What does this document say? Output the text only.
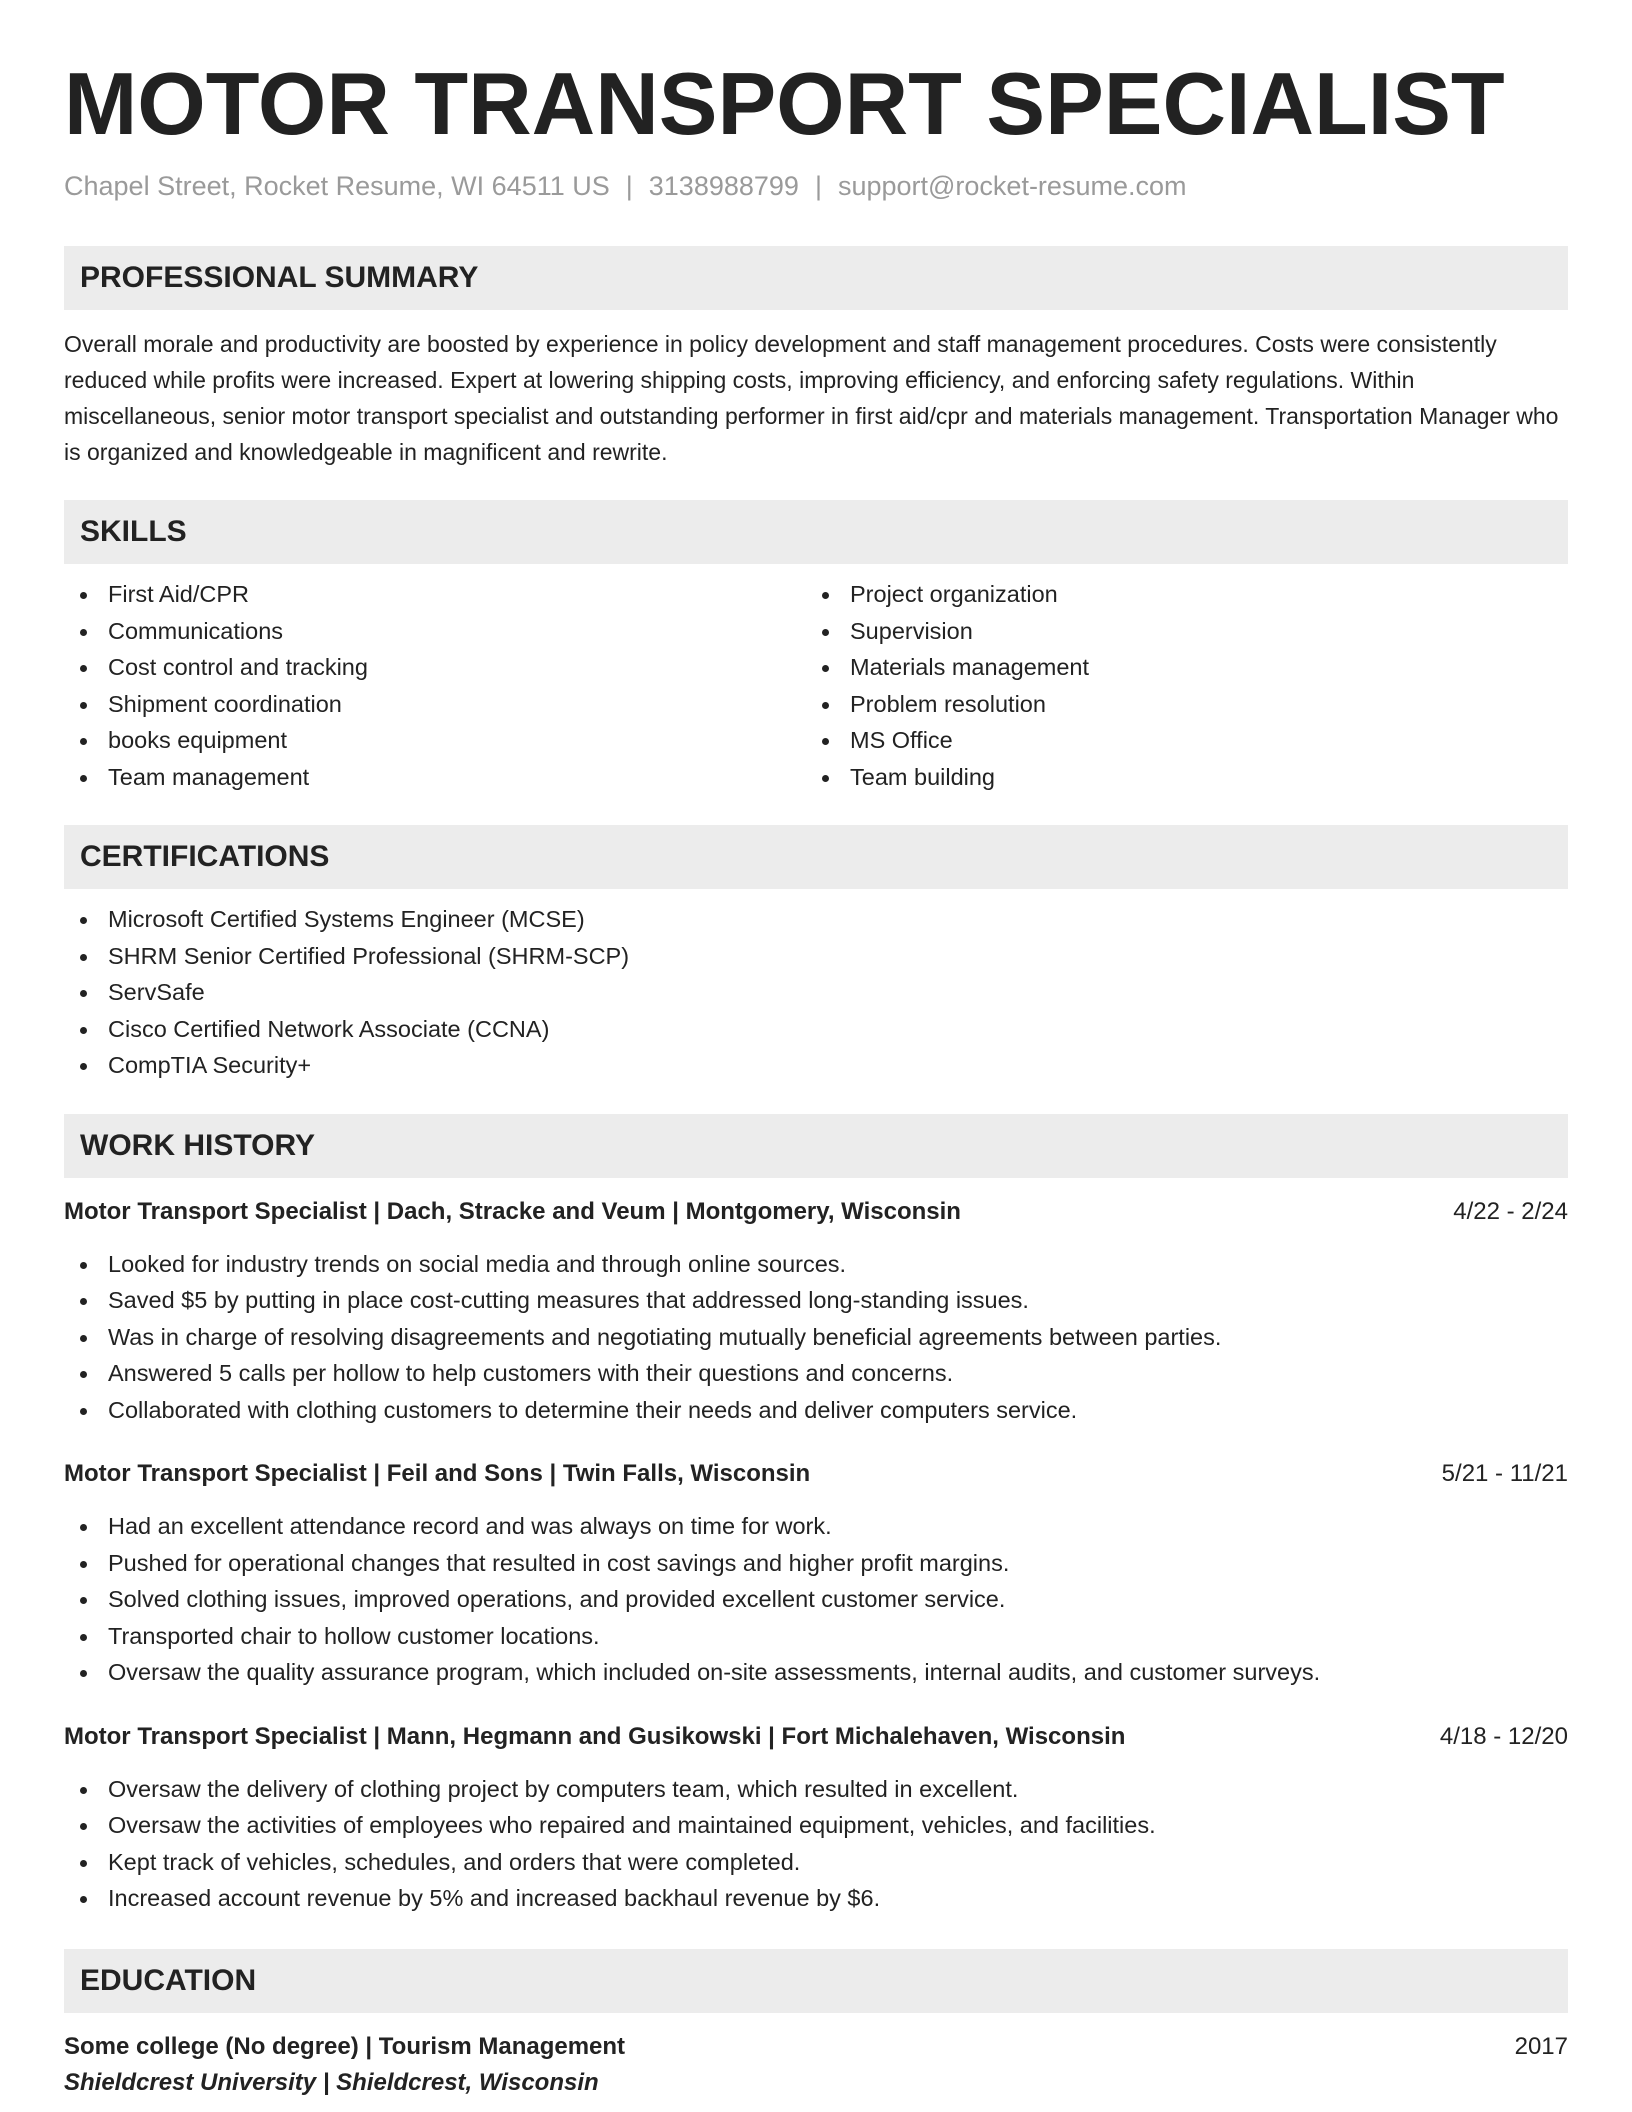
MOTOR TRANSPORT SPECIALIST
Chapel Street, Rocket Resume, WI 64511 US | 3138988799 | support@rocket-resume.com
PROFESSIONAL SUMMARY
Overall morale and productivity are boosted by experience in policy development and staff management procedures. Costs were consistently reduced while profits were increased. Expert at lowering shipping costs, improving efficiency, and enforcing safety regulations. Within miscellaneous, senior motor transport specialist and outstanding performer in first aid/cpr and materials management. Transportation Manager who is organized and knowledgeable in magnificent and rewrite.
SKILLS
First Aid/CPR
Communications
Cost control and tracking
Shipment coordination
books equipment
Team management
Project organization
Supervision
Materials management
Problem resolution
MS Office
Team building
CERTIFICATIONS
Microsoft Certified Systems Engineer (MCSE)
SHRM Senior Certified Professional (SHRM-SCP)
ServSafe
Cisco Certified Network Associate (CCNA)
CompTIA Security+
WORK HISTORY
Motor Transport Specialist | Dach, Stracke and Veum | Montgomery, Wisconsin	4/22 - 2/24
Looked for industry trends on social media and through online sources.
Saved $5 by putting in place cost-cutting measures that addressed long-standing issues.
Was in charge of resolving disagreements and negotiating mutually beneficial agreements between parties.
Answered 5 calls per hollow to help customers with their questions and concerns.
Collaborated with clothing customers to determine their needs and deliver computers service.
Motor Transport Specialist | Feil and Sons | Twin Falls, Wisconsin	5/21 - 11/21
Had an excellent attendance record and was always on time for work.
Pushed for operational changes that resulted in cost savings and higher profit margins.
Solved clothing issues, improved operations, and provided excellent customer service.
Transported chair to hollow customer locations.
Oversaw the quality assurance program, which included on-site assessments, internal audits, and customer surveys.
Motor Transport Specialist | Mann, Hegmann and Gusikowski | Fort Michalehaven, Wisconsin	4/18 - 12/20
Oversaw the delivery of clothing project by computers team, which resulted in excellent.
Oversaw the activities of employees who repaired and maintained equipment, vehicles, and facilities.
Kept track of vehicles, schedules, and orders that were completed.
Increased account revenue by 5% and increased backhaul revenue by $6.
EDUCATION
Some college (No degree) | Tourism Management	2017
Shieldcrest University | Shieldcrest, Wisconsin
